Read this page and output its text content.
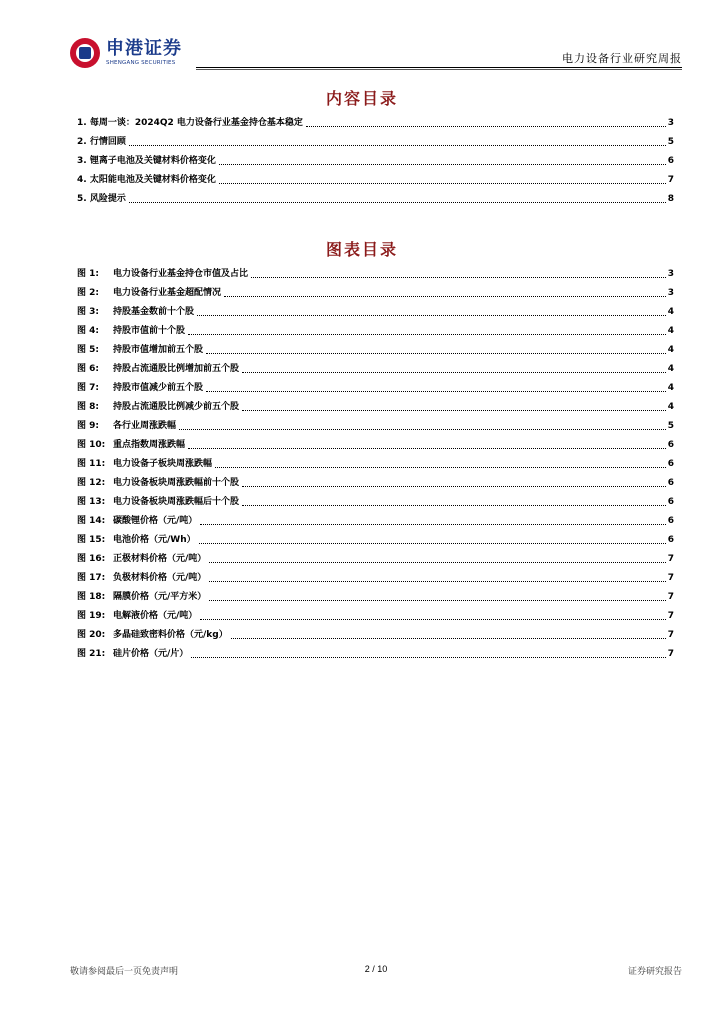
申港证券
SHENGANG SECURITIES	电力设备行业研究周报
内容目录
1. 每周一谈：2024Q2 电力设备行业基金持仓基本稳定	3
2. 行情回顾	5
3. 锂离子电池及关键材料价格变化	6
4. 太阳能电池及关键材料价格变化	7
5. 风险提示	8
图表目录
图 1:	电力设备行业基金持仓市值及占比	3
图 2:	电力设备行业基金超配情况	3
图 3:	持股基金数前十个股	4
图 4:	持股市值前十个股	4
图 5:	持股市值增加前五个股	4
图 6:	持股占流通股比例增加前五个股	4
图 7:	持股市值减少前五个股	4
图 8:	持股占流通股比例减少前五个股	4
图 9:	各行业周涨跌幅	5
图 10: 重点指数周涨跌幅	6
图 11: 电力设备子板块周涨跌幅	6
图 12: 电力设备板块周涨跌幅前十个股	6
图 13: 电力设备板块周涨跌幅后十个股	6
图 14: 碳酸锂价格（元/吨）	6
图 15: 电池价格（元/Wh）	6
图 16: 正极材料价格（元/吨）	7
图 17: 负极材料价格（元/吨）	7
图 18: 隔膜价格（元/平方米）	7
图 19: 电解液价格（元/吨）	7
图 20: 多晶硅致密料价格（元/kg）	7
图 21: 硅片价格（元/片）	7
敬请参阅最后一页免责声明	2 / 10	证券研究报告
